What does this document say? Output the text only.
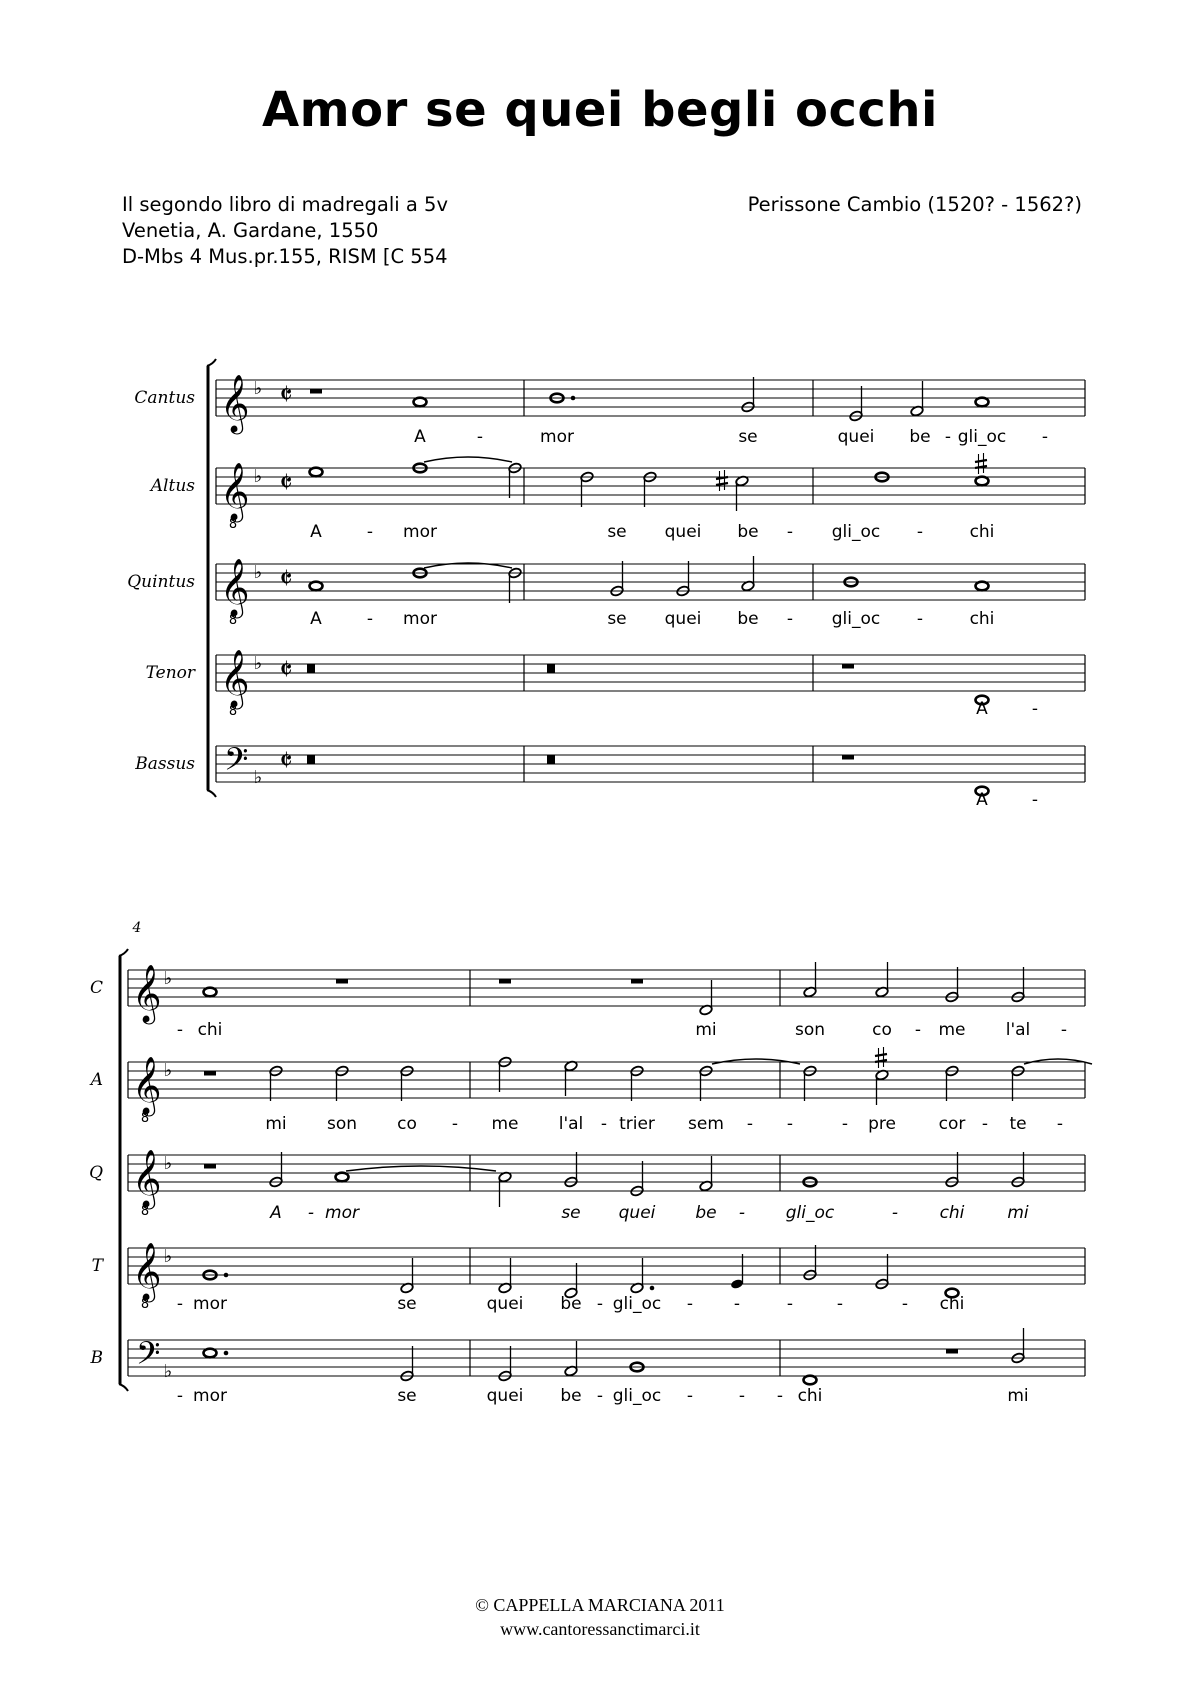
Amor se quei begli occhi
Il segondo libro di madregali a 5v
Venetia, A. Gardane, 1550
D-Mbs 4 Mus.pr.155, RISM [C 554
Perissone Cambio (1520? - 1562?)
Cantus 𝄞 ♭ 𝄵
Altus 𝄞
8
♭ 𝄵
Quintus 𝄞
8
♭ 𝄵
Tenor 𝄞
8
♭ 𝄵
Bassus 𝄢 ♭ 𝄵
A	-	mor	se	quei be - gli_oc -
A	- mor	se quei be - gli_oc -	chi
A	- mor	se quei be - gli_oc -	chi
A	-
A	-
4
C 𝄞 ♭
A 𝄞
8
♭
Q 𝄞
8
♭
T 𝄞
8
♭
B 𝄢 ♭
- chi	mi	son	co - me l'al -
mi son co - me l'al - trier sem - -	- pre	cor - te -
A - mor	se quei be - gli_oc	- chi	mi
- mor	se	quei be - gli_oc - -	-	-	- chi
- mor	se	quei be - gli_oc -	- - chi	mi
© CAPPELLA MARCIANA 2011
www.cantoressanctimarci.it
